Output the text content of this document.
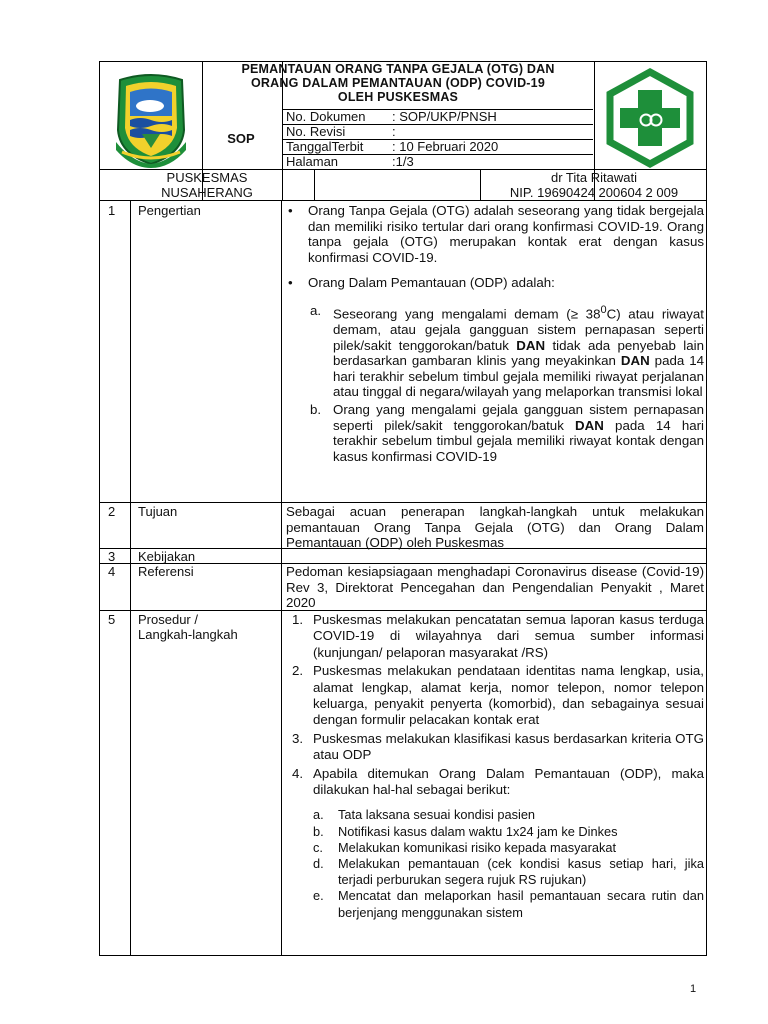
PEMANTAUAN ORANG TANPA GEJALA (OTG) DAN
ORANG DALAM PEMANTAUAN (ODP) COVID-19
OLEH PUSKESMAS
SOP
No. Dokumen : SOP/UKP/PNSH
No. Revisi	:
TanggalTerbit : 10 Februari 2020
Halaman	:1/3
PUSKESMAS
NUSAHERANG
dr Tita Ritawati
NIP. 19690424 200604 2 009
1 Pengertian
•	Orang Tanpa Gejala (OTG) adalah seseorang yang tidak bergejala dan memiliki risiko tertular dari orang konfirmasi COVID-19. Orang tanpa gejala (OTG) merupakan kontak erat dengan kasus konfirmasi COVID-19.
• Orang Dalam Pemantauan (ODP) adalah:
a. Seseorang yang mengalami demam (≥ $38^0C$) atau riwayat demam, atau gejala gangguan sistem pernapasan seperti pilek/sakit tenggorokan/batuk DAN tidak ada penyebab lain berdasarkan gambaran klinis yang meyakinkan DAN pada 14 hari terakhir sebelum timbul gejala memiliki riwayat perjalanan atau tinggal di negara/wilayah yang melaporkan transmisi lokal
b. Orang yang mengalami gejala gangguan sistem pernapasan seperti pilek/sakit tenggorokan/batuk DAN pada 14 hari terakhir sebelum timbul gejala memiliki riwayat kontak dengan kasus konfirmasi COVID-19
2 Tujuan	Sebagai acuan penerapan langkah-langkah untuk melakukan pemantauan Orang Tanpa Gejala (OTG) dan Orang Dalam Pemantauan (ODP) oleh Puskesmas
3 Kebijakan
4 Referensi	Pedoman kesiapsiagaan menghadapi Coronavirus disease (Covid-19) Rev 3, Direktorat Pencegahan dan Pengendalian Penyakit , Maret 2020
5 Prosedur /
Langkah-langkah
1. Puskesmas melakukan pencatatan semua laporan kasus terduga COVID-19 di wilayahnya dari semua sumber informasi (kunjungan/ pelaporan masyarakat /RS)
2. Puskesmas melakukan pendataan identitas nama lengkap, usia, alamat lengkap, alamat kerja, nomor telepon, nomor telepon keluarga, penyakit penyerta (komorbid), dan sebagainya sesuai dengan formulir pelacakan kontak erat
3. Puskesmas melakukan klasifikasi kasus berdasarkan kriteria OTG atau ODP
4. Apabila ditemukan Orang Dalam Pemantauan (ODP), maka dilakukan hal-hal sebagai berikut:
a. Tata laksana sesuai kondisi pasien
b. Notifikasi kasus dalam waktu 1x24 jam ke Dinkes
c. Melakukan komunikasi risiko kepada masyarakat
d. Melakukan pemantauan (cek kondisi kasus setiap hari, jika terjadi perburukan segera rujuk RS rujukan)
e. Mencatat dan melaporkan hasil pemantauan secara rutin dan berjenjang menggunakan sistem
1
